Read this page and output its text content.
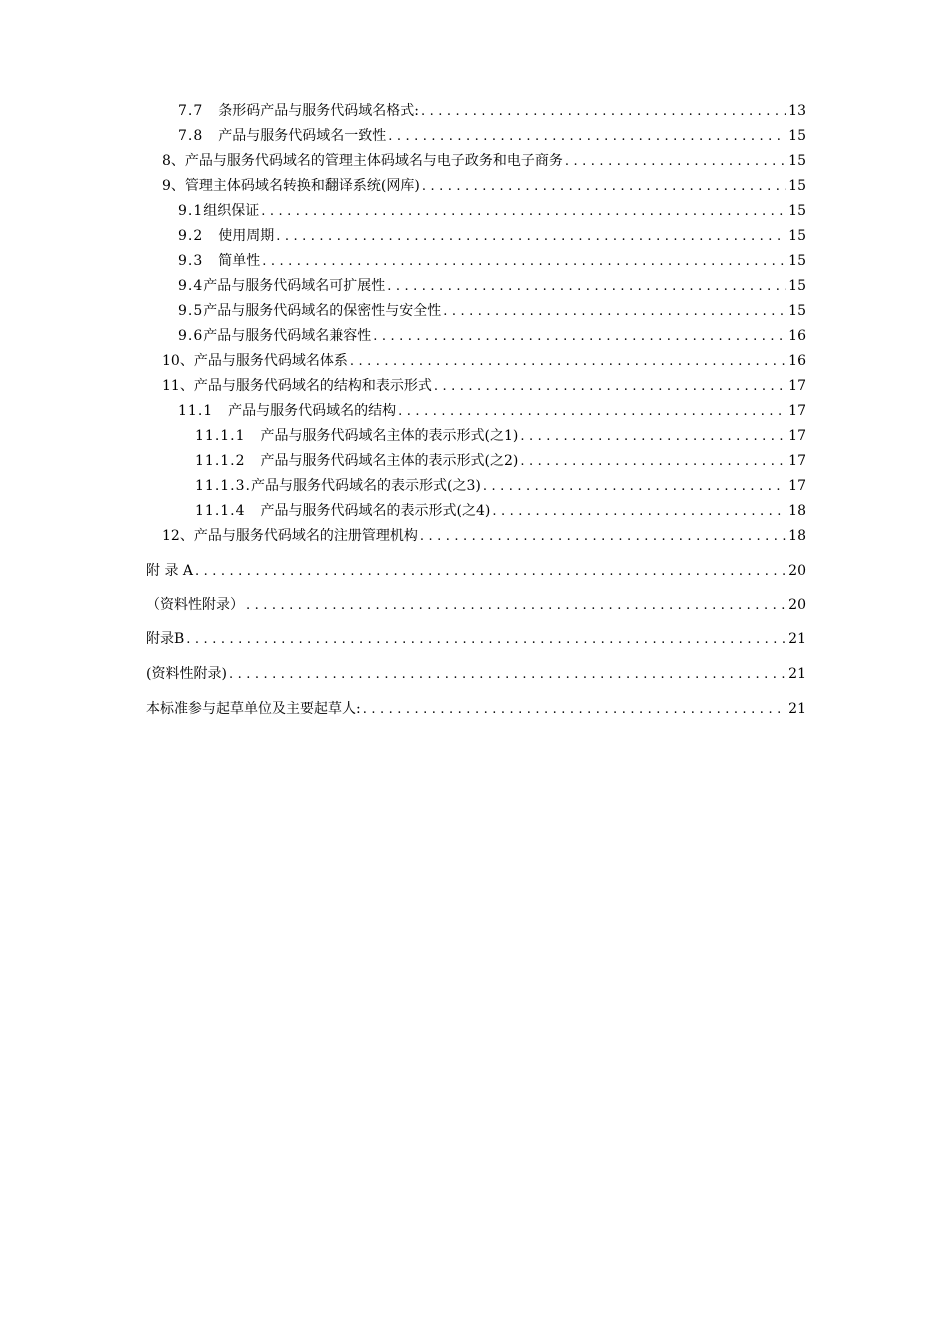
7.7　 条形码产品与服务代码域名格式: .....	13
7.8　 产品与服务代码域名一致性 .....	15
8、产品与服务代码域名的管理主体码域名与电子政务和电子商务 .....	15
9、管理主体码域名转换和翻译系统(网库) .....	15
9.1 组织保证 .....	15
9.2　 使用周期 .....	15
9.3　 简单性 .....	15
9.4 产品与服务代码域名可扩展性 .....	15
9.5 产品与服务代码域名的保密性与安全性 .....	15
9.6 产品与服务代码域名兼容性 .....	16
10、产品与服务代码域名体系 .....	16
11、产品与服务代码域名的结构和表示形式 .....	17
11.1　 产品与服务代码域名的结构 .....	17
11.1.1　 产品与服务代码域名主体的表示形式(之1) .....	17
11.1.2　 产品与服务代码域名主体的表示形式(之2) .....	17
11.1.3. 产品与服务代码域名的表示形式(之3) .....	17
11.1.4　 产品与服务代码域名的表示形式(之4) .....	18
12、产品与服务代码域名的注册管理机构 .....	18
附 录 A .....	20
（资料性附录） .....	20
附录B .....	21
(资料性附录) .....	21
本标准参与起草单位及主要起草人: .....	21
